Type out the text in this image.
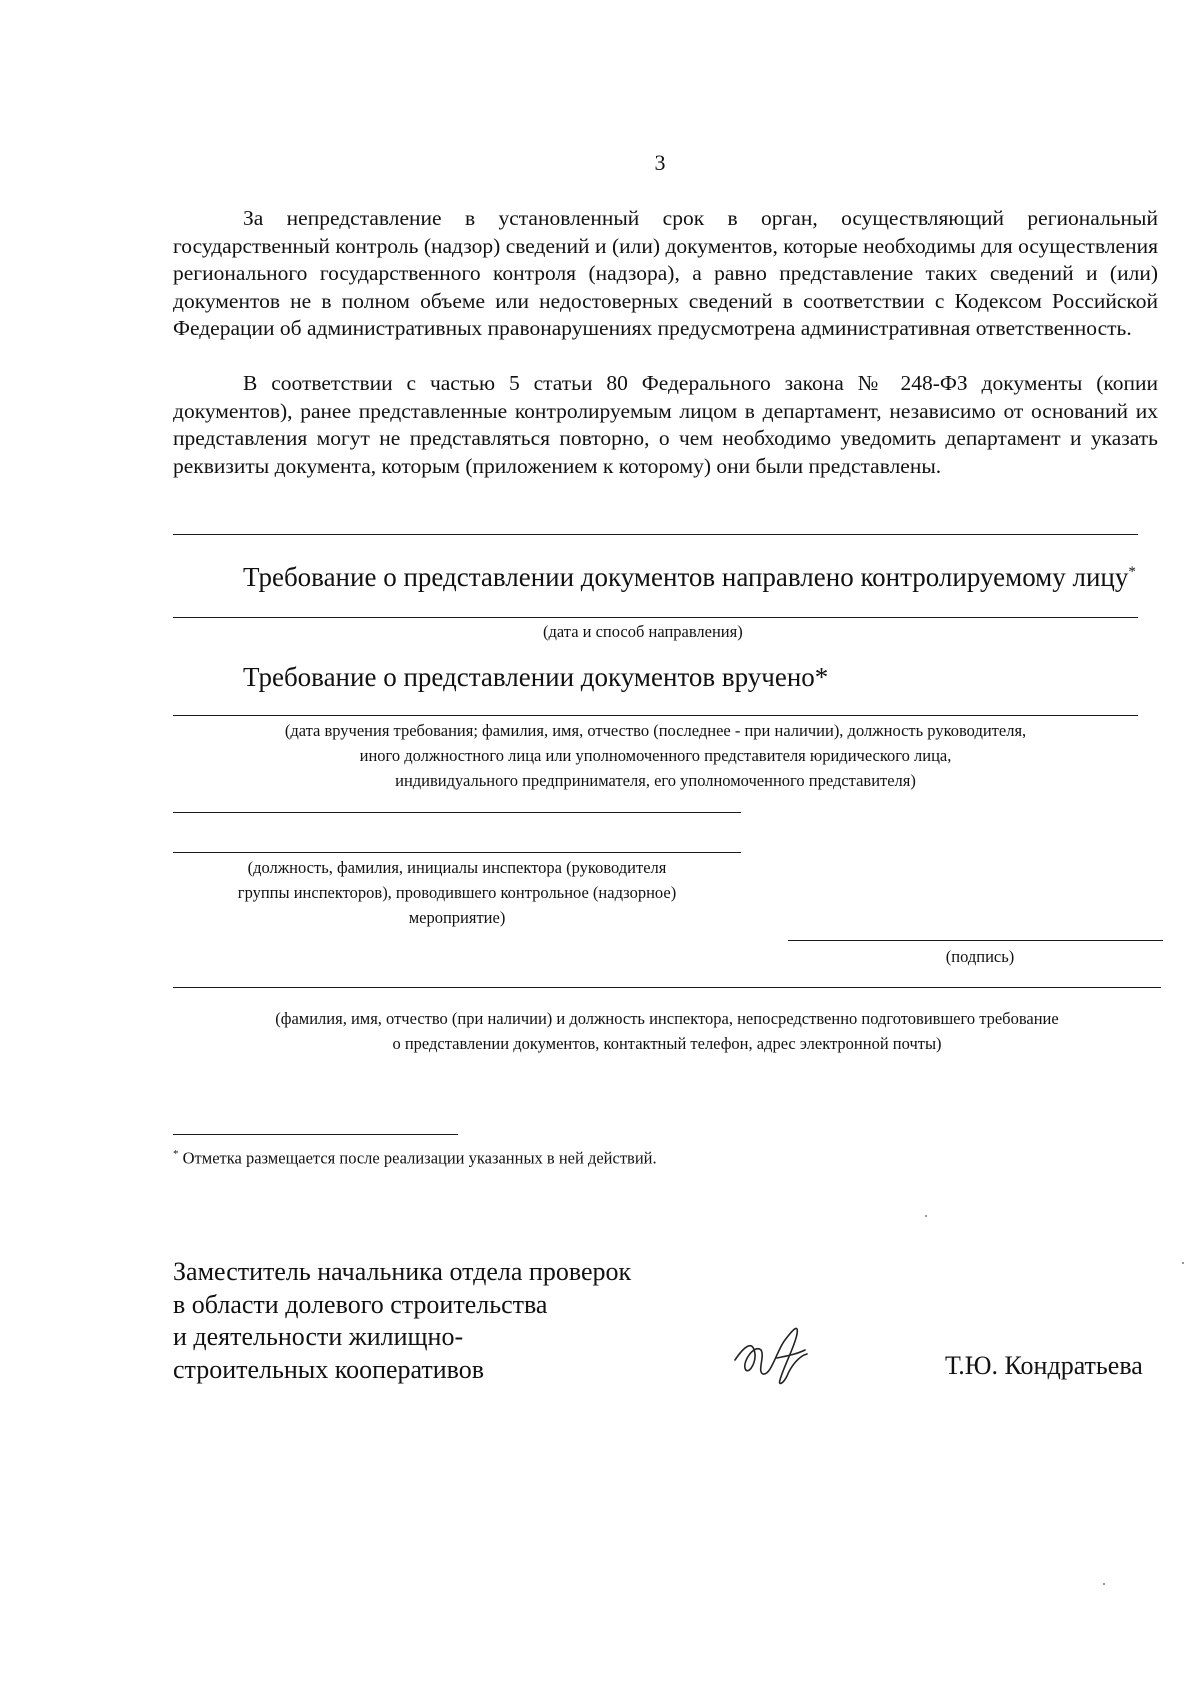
3

За непредставление в установленный срок в орган, осуществляющий региональный государственный контроль (надзор) сведений и (или) документов, которые необходимы для осуществления регионального государственного контроля (надзора), а равно представление таких сведений и (или) документов не в полном объеме или недостоверных сведений в соответствии с Кодексом Российской Федерации об административных правонарушениях предусмотрена административная ответственность.

В соответствии с частью 5 статьи 80 Федерального закона № 248-ФЗ документы (копии документов), ранее представленные контролируемым лицом в департамент, независимо от оснований их представления могут не представляться повторно, о чем необходимо уведомить департамент и указать реквизиты документа, которым (приложением к которому) они были представлены.

Требование о представлении документов направлено контролируемому лицу*
(дата и способ направления)
Требование о представлении документов вручено*
(дата вручения требования; фамилия, имя, отчество (последнее - при наличии), должность руководителя,
иного должностного лица или уполномоченного представителя юридического лица,
индивидуального предпринимателя, его уполномоченного представителя)
(должность, фамилия, инициалы инспектора (руководителя
группы инспекторов), проводившего контрольное (надзорное)
мероприятие)
(подпись)
(фамилия, имя, отчество (при наличии) и должность инспектора, непосредственно подготовившего требование
о представлении документов, контактный телефон, адрес электронной почты)
* Отметка размещается после реализации указанных в ней действий.
Заместитель начальника отдела проверок
в области долевого строительства
и деятельности жилищно-
строительных кооперативов	Т.Ю. Кондратьева
